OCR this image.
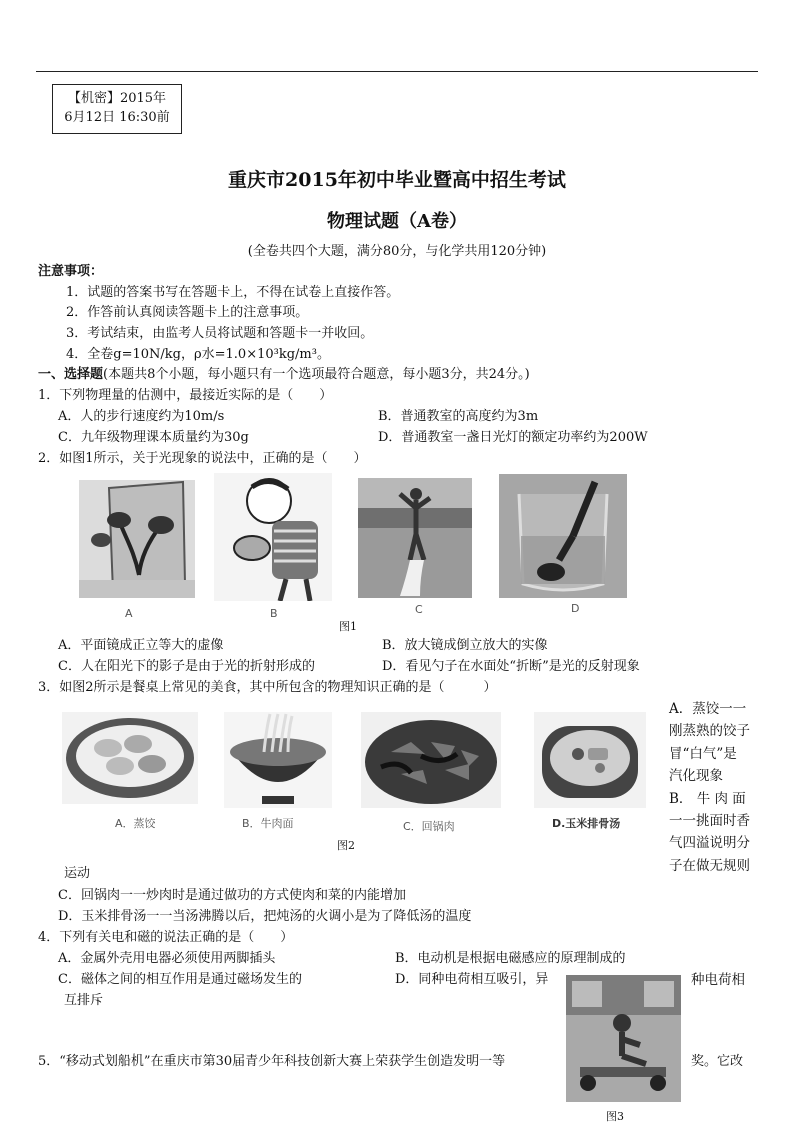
【机密】2015年
6月12日 16:30前
重庆市2015年初中毕业暨高中招生考试
物理试题（A卷）
(全卷共四个大题，满分80分，与化学共用120分钟)
注意事项：
1．试题的答案书写在答题卡上，不得在试卷上直接作答。
2．作答前认真阅读答题卡上的注意事项。
3．考试结束，由监考人员将试题和答题卡一并收回。
4．全卷g=10N/kg，ρ水=1.0×10³kg/m³。
一、选择题(本题共8个小题，每小题只有一个选项最符合题意，每小题3分，共24分。)
1．下列物理量的估测中，最接近实际的是（　　）
A．人的步行速度约为10m/s	B．普通教室的高度约为3m
C．九年级物理课本质量约为30g	D．普通教室一盏日光灯的额定功率约为200W
2．如图1所示，关于光现象的说法中，正确的是（　　）
A	B	C	D
图1
A．平面镜成正立等大的虚像	B．放大镜成倒立放大的实像
C．人在阳光下的影子是由于光的折射形成的	D．看见勺子在水面处“折断”是光的反射现象
3．如图2所示是餐桌上常见的美食，其中所包含的物理知识正确的是（　　　）
A．蒸饺	B．牛肉面	C．回锅肉	D.玉米排骨汤
图2
A．蒸饺一一
刚蒸熟的饺子
冒“白气”是
汽化现象
B． 牛 肉 面
一一挑面时香
气四溢说明分
子在做无规则
运动
C．回锅肉一一炒肉时是通过做功的方式使肉和菜的内能增加
D．玉米排骨汤一一当汤沸腾以后，把炖汤的火调小是为了降低汤的温度
4．下列有关电和磁的说法正确的是（　　）
A．金属外壳用电器必须使用两脚插头	B．电动机是根据电磁感应的原理制成的
C．磁体之间的相互作用是通过磁场发生的	D．同种电荷相互吸引，异	种电荷相
互排斥
图3
5．“移动式划船机”在重庆市第30届青少年科技创新大赛上荣获学生创造发明一等	奖。它改
